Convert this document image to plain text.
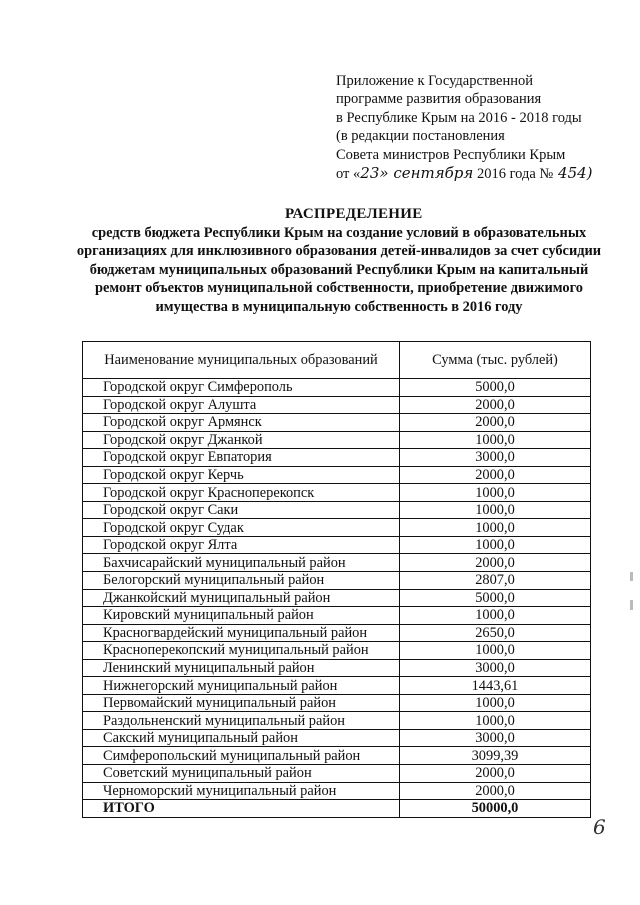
Приложение к Государственной
программе развития образования
в Республике Крым на 2016 - 2018 годы
(в редакции постановления
Совета министров Республики Крым
от «23» сентября 2016 года № 454)
РАСПРЕДЕЛЕНИЕ
средств бюджета Республики Крым на создание условий в образовательных организациях для инклюзивного образования детей-инвалидов за счет субсидии бюджетам муниципальных образований Республики Крым на капитальный ремонт объектов муниципальной собственности, приобретение движимого имущества в муниципальную собственность в 2016 году
Наименование муниципальных образований	Сумма (тыс. рублей)
Городской округ Симферополь	5000,0
Городской округ Алушта	2000,0
Городской округ Армянск	2000,0
Городской округ Джанкой	1000,0
Городской округ Евпатория	3000,0
Городской округ Керчь	2000,0
Городской округ Красноперекопск	1000,0
Городской округ Саки	1000,0
Городской округ Судак	1000,0
Городской округ Ялта	1000,0
Бахчисарайский муниципальный район	2000,0
Белогорский муниципальный район	2807,0
Джанкойский муниципальный район	5000,0
Кировский муниципальный район	1000,0
Красногвардейский муниципальный район	2650,0
Красноперекопский муниципальный район	1000,0
Ленинский муниципальный район	3000,0
Нижнегорский муниципальный район	1443,61
Первомайский муниципальный район	1000,0
Раздольненский муниципальный район	1000,0
Сакский муниципальный район	3000,0
Симферопольский муниципальный район	3099,39
Советский муниципальный район	2000,0
Черноморский муниципальный район	2000,0
ИТОГО	50000,0
6
